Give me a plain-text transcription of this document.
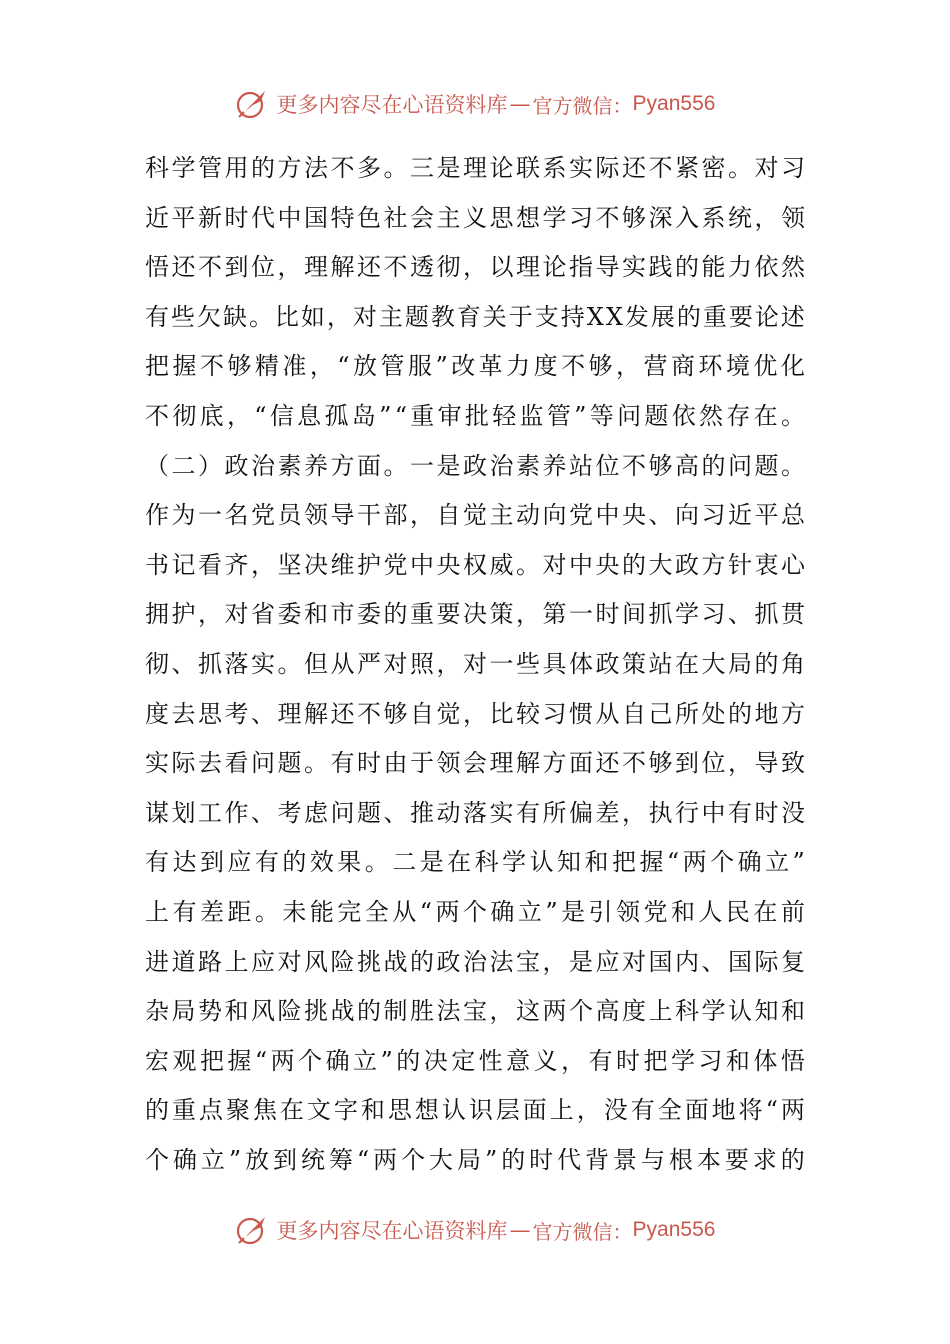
更多内容尽在心语资料库 — 官方微信： Pyan556
科 学 管 用 的 方 法 不 多 。 三 是 理 论 联 系 实 际 还 不 紧 密 。 对 习
近 平 新 时 代 中 国 特 色 社 会 主 义 思 想 学 习 不 够 深 入 系 统 ， 领
悟 还 不 到 位 ， 理 解 还 不 透 彻 ， 以 理 论 指 导 实 践 的 能 力 依 然
有 些 欠 缺 。 比 如 ， 对 主 题 教 育 关 于 支 持 X X 发 展 的 重 要 论 述
把 握 不 够 精 准 ， “ 放 管 服 ” 改 革 力 度 不 够 ， 营 商 环 境 优 化
不 彻 底 ， “ 信 息 孤 岛 ” “ 重 审 批 轻 监 管 ” 等 问 题 依 然 存 在 。
（ 二 ） 政 治 素 养 方 面 。 一 是 政 治 素 养 站 位 不 够 高 的 问 题 。
作 为 一 名 党 员 领 导 干 部 ， 自 觉 主 动 向 党 中 央 、 向 习 近 平 总
书 记 看 齐 ， 坚 决 维 护 党 中 央 权 威 。 对 中 央 的 大 政 方 针 衷 心
拥 护 ， 对 省 委 和 市 委 的 重 要 决 策 ， 第 一 时 间 抓 学 习 、 抓 贯
彻 、 抓 落 实 。 但 从 严 对 照 ， 对 一 些 具 体 政 策 站 在 大 局 的 角
度 去 思 考 、 理 解 还 不 够 自 觉 ， 比 较 习 惯 从 自 己 所 处 的 地 方
实 际 去 看 问 题 。 有 时 由 于 领 会 理 解 方 面 还 不 够 到 位 ， 导 致
谋 划 工 作 、 考 虑 问 题 、 推 动 落 实 有 所 偏 差 ， 执 行 中 有 时 没
有 达 到 应 有 的 效 果 。 二 是 在 科 学 认 知 和 把 握 “ 两 个 确 立 ”
上 有 差 距 。 未 能 完 全 从 “ 两 个 确 立 ” 是 引 领 党 和 人 民 在 前
进 道 路 上 应 对 风 险 挑 战 的 政 治 法 宝 ， 是 应 对 国 内 、 国 际 复
杂 局 势 和 风 险 挑 战 的 制 胜 法 宝 ， 这 两 个 高 度 上 科 学 认 知 和
宏 观 把 握 “ 两 个 确 立 ” 的 决 定 性 意 义 ， 有 时 把 学 习 和 体 悟
的 重 点 聚 焦 在 文 字 和 思 想 认 识 层 面 上 ， 没 有 全 面 地 将 “ 两
个 确 立 ” 放 到 统 筹 “ 两 个 大 局 ” 的 时 代 背 景 与 根 本 要 求 的
更多内容尽在心语资料库 — 官方微信： Pyan556
